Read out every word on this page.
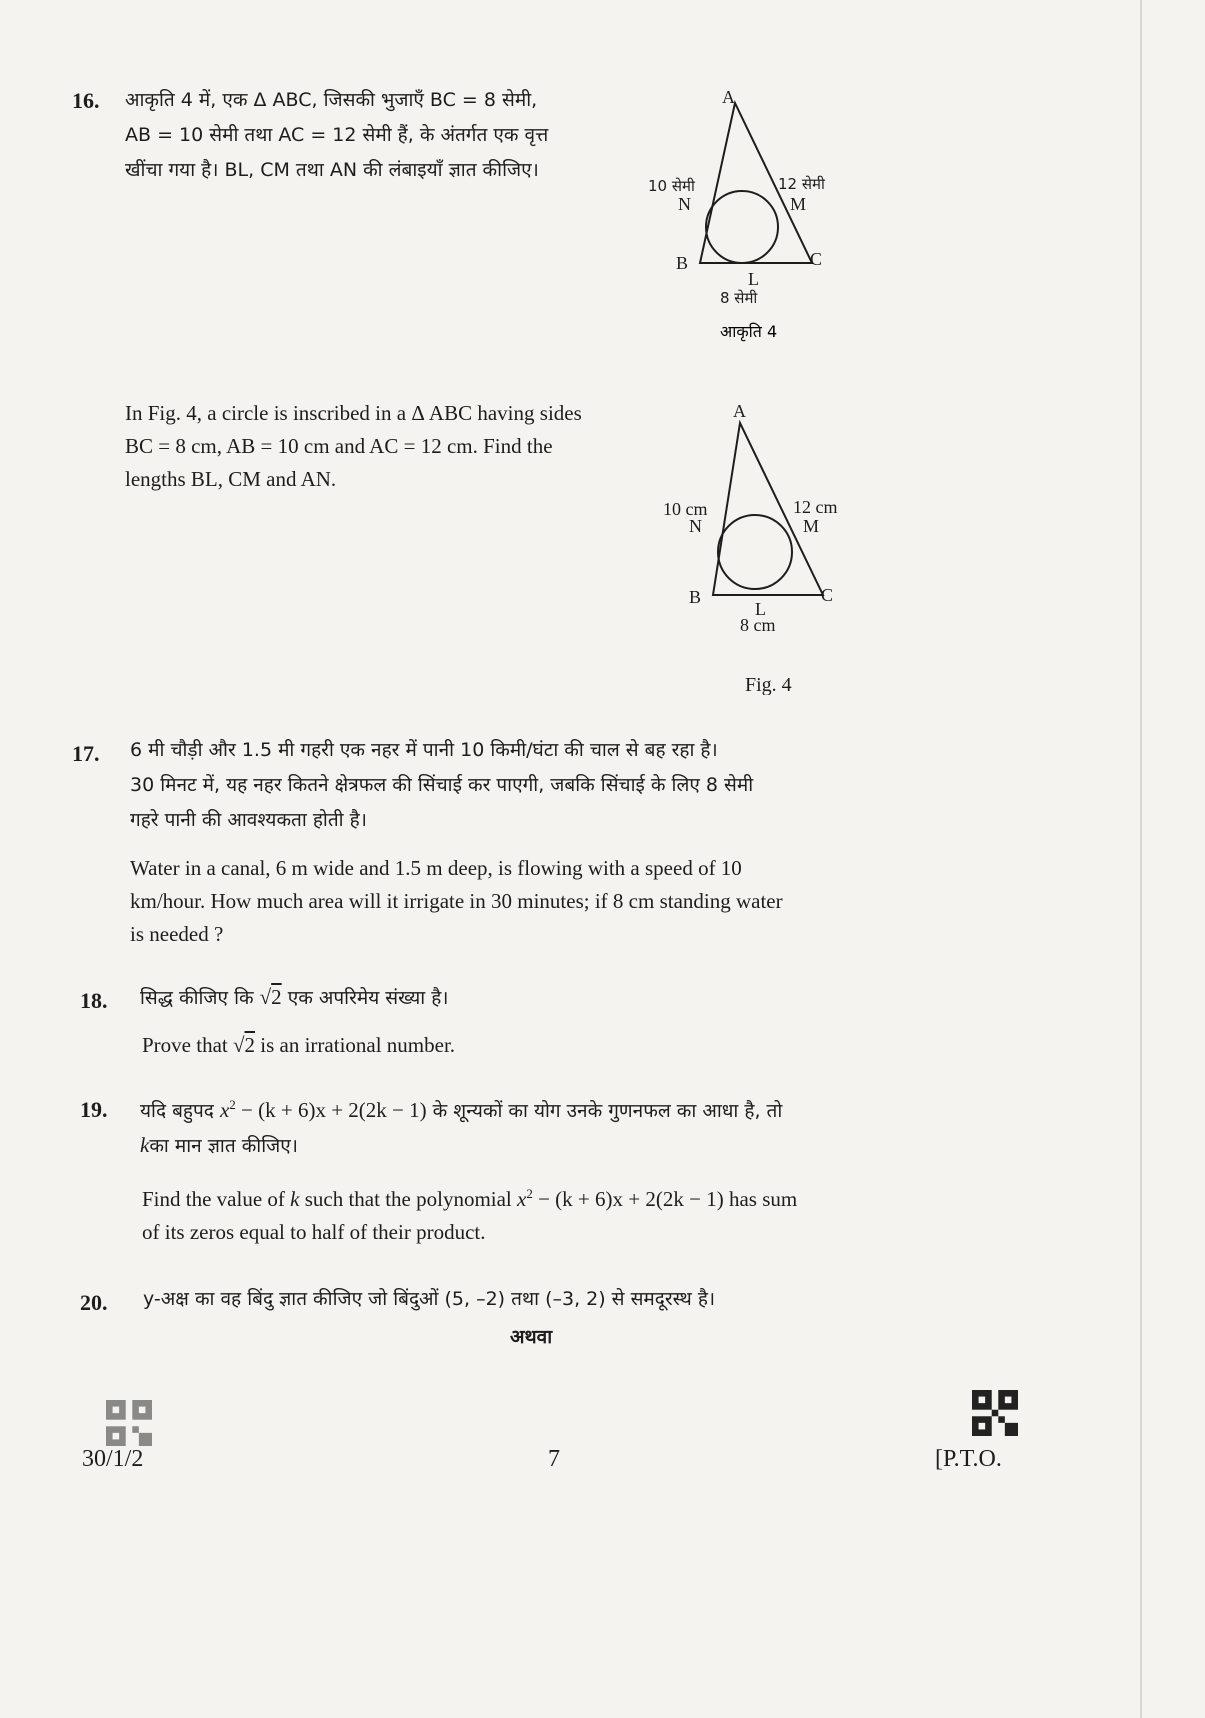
16. आकृति 4 में, एक Δ ABC, जिसकी भुजाएँ BC = 8 सेमी,
AB = 10 सेमी तथा AC = 12 सेमी हैं, के अंतर्गत एक वृत्त
खींचा गया है। BL, CM तथा AN की लंबाइयाँ ज्ञात कीजिए।
A
B	C
N	M
L
10 सेमी	12 सेमी
8 सेमी
आकृति 4
In Fig. 4, a circle is inscribed in a Δ ABC having sides
BC = 8 cm, AB = 10 cm and AC = 12 cm. Find the
lengths BL, CM and AN.
A
B	C
N	M
L
10 cm	12 cm
8 cm
Fig. 4
17. 6 मी चौड़ी और 1.5 मी गहरी एक नहर में पानी 10 किमी/घंटा की चाल से बह रहा है।
30 मिनट में, यह नहर कितने क्षेत्रफल की सिंचाई कर पाएगी, जबकि सिंचाई के लिए 8 सेमी
गहरे पानी की आवश्यकता होती है।
Water in a canal, 6 m wide and 1.5 m deep, is flowing with a speed of 10
km/hour. How much area will it irrigate in 30 minutes; if 8 cm standing water
is needed ?
18. सिद्ध कीजिए कि √2 एक अपरिमेय संख्या है।
Prove that √2 is an irrational number.
19. यदि बहुपद $x^2 - (k + 6)x + 2(2k - 1)$ के शून्यकों का योग उनके गुणनफल का आधा है, तो
kका मान ज्ञात कीजिए।
Find the value of k such that the polynomial $x^2 - (k + 6)x + 2(2k - 1)$ has sum
of its zeros equal to half of their product.
20. y-अक्ष का वह बिंदु ज्ञात कीजिए जो बिंदुओं (5, –2) तथा (–3, 2) से समदूरस्थ है।
अथवा
30/1/2	7	[P.T.O.
